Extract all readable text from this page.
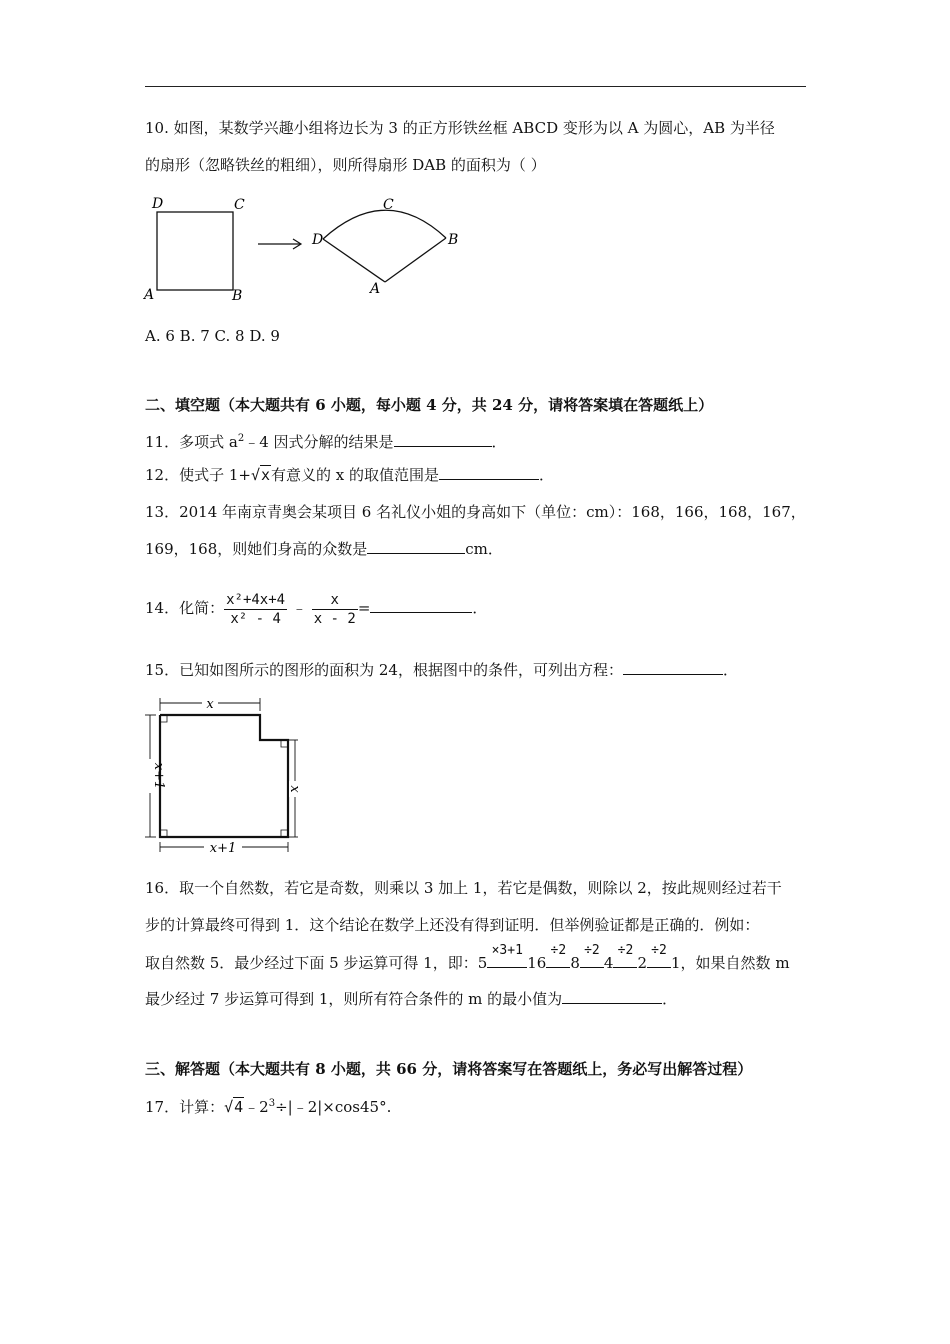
10. 如图，某数学兴趣小组将边长为 3 的正方形铁丝框 ABCD 变形为以 A 为圆心，AB 为半径
的扇形（忽略铁丝的粗细），则所得扇形 DAB 的面积为（ ）
D	C
A	B
D
C
A
B
A. 6 B. 7 C. 8 D. 9
二、填空题（本大题共有 6 小题，每小题 4 分，共 24 分，请将答案填在答题纸上）
11．多项式 $a^2﹣4$ 因式分解的结果是	．
12．使式子 1+√x有意义的 x 的取值范围是	．
13．2014 年南京青奥会某项目 6 名礼仪小姐的身高如下（单位：cm）：168，166，168，167，
169，168，则她们身高的众数是	cm．
14．化简： $\frac{\text{x²+4x+4}}{\text{x² - 4}}$ ﹣ $\frac{x}{x - 2}$ =	．
15．已知如图所示的图形的面积为 24，根据图中的条件，可列出方程：	．
x
x+1	x
x+1
16．取一个自然数，若它是奇数，则乘以 3 加上 1，若它是偶数，则除以 2，按此规则经过若干
步的计算最终可得到 1．这个结论在数学上还没有得到证明．但举例验证都是正确的．例如：
取自然数 5．最少经过下面 5 步运算可得 1，即：5
×3+1
16
÷2
8
÷2
4
÷2
2
÷2
1，如果自然数 m
最少经过 7 步运算可得到 1，则所有符合条件的 m 的最小值为	．
三、解答题（本大题共有 8 小题，共 66 分，请将答案写在答题纸上，务必写出解答过程）
17．计算：$√4﹣2^3\div|﹣2|\times\cos 45^\circ$.
